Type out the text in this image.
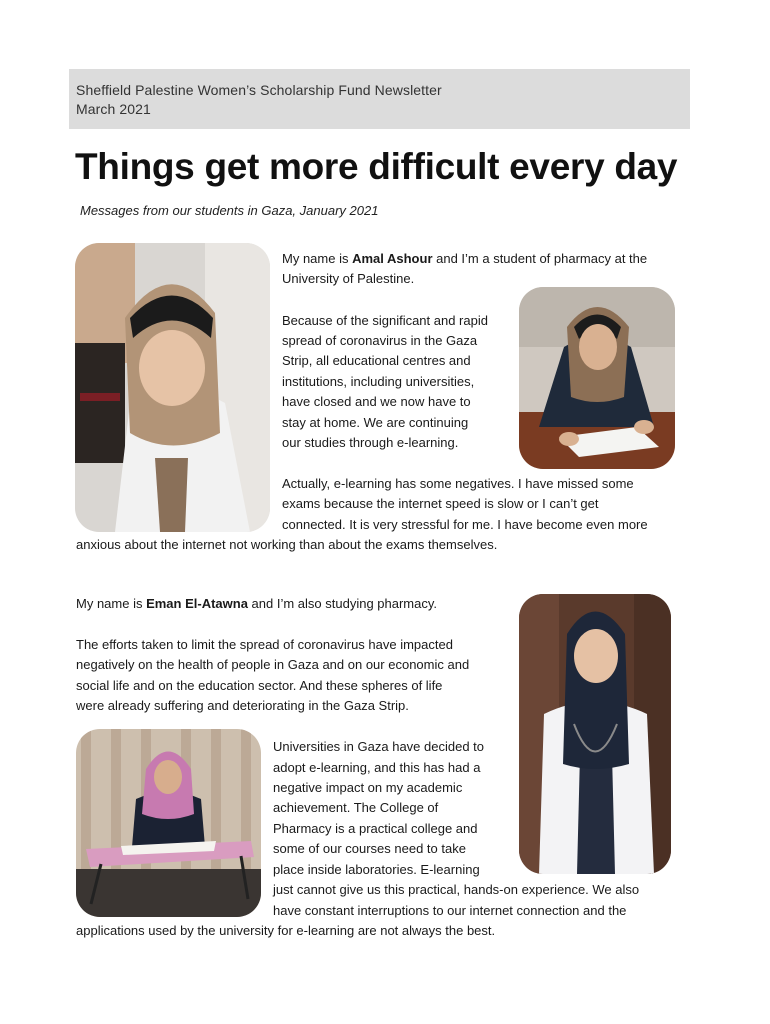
Sheffield Palestine Women’s Scholarship Fund Newsletter
March 2021
Things get more difficult every day
Messages from our students in Gaza, January 2021
My name is Amal Ashour and I’m a student of pharmacy at the
University of Palestine.
Because of the significant and rapid
spread of coronavirus in the Gaza
Strip, all educational centres and
institutions, including universities,
have closed and we now have to
stay at home. We are continuing
our studies through e-learning.
Actually, e-learning has some negatives. I have missed some
exams because the internet speed is slow or I can’t get
connected. It is very stressful for me. I have become even more
anxious about the internet not working than about the exams themselves.
My name is Eman El-Atawna and I’m also studying pharmacy.
The efforts taken to limit the spread of coronavirus have impacted
negatively on the health of people in Gaza and on our economic and
social life and on the education sector. And these spheres of life
were already suffering and deteriorating in the Gaza Strip.
Universities in Gaza have decided to
adopt e-learning, and this has had a
negative impact on my academic
achievement. The College of
Pharmacy is a practical college and
some of our courses need to take
place inside laboratories. E-learning
just cannot give us this practical, hands-on experience. We also
have constant interruptions to our internet connection and the
applications used by the university for e-learning are not always the best.
